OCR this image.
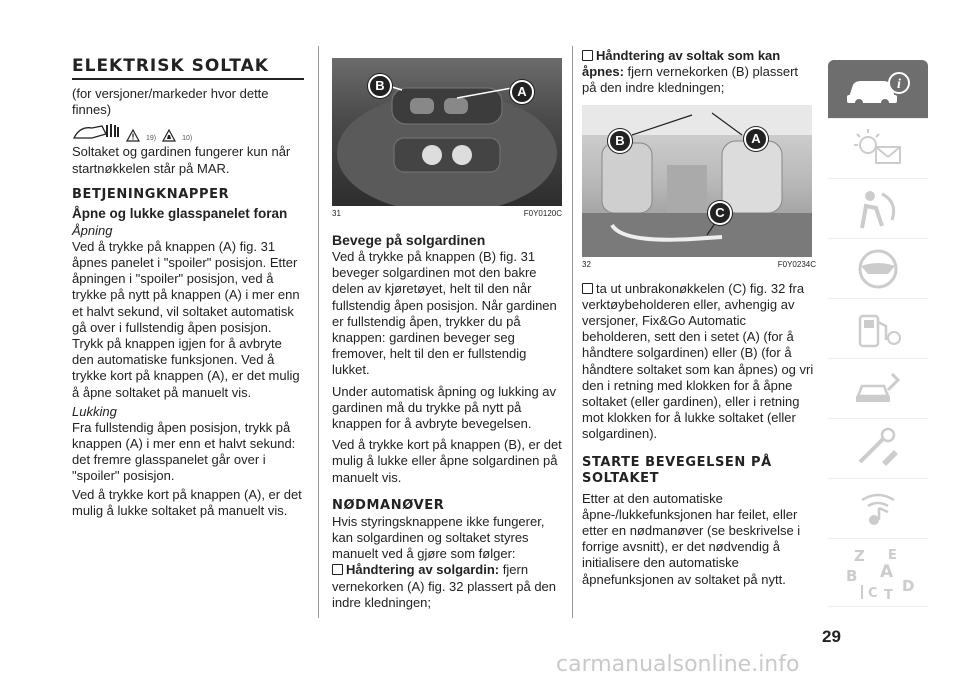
ELEKTRISK SOLTAK

(for versjoner/markeder hvor dette finnes)

19)	10)

Soltaket og gardinen fungerer kun når startnøkkelen står på MAR.

BETJENINGKNAPPER
Åpne og lukke glasspanelet foran

Åpning

Ved å trykke på knappen (A) fig. 31 åpnes panelet i "spoiler" posisjon. Etter åpningen i "spoiler" posisjon, ved å trykke på nytt på knappen (A) i mer enn et halvt sekund, vil soltaket automatisk gå over i fullstendig åpen posisjon. Trykk på knappen igjen for å avbryte den automatiske funksjonen. Ved å trykke kort på knappen (A), er det mulig å åpne soltaket på manuelt vis.

Lukking

Fra fullstendig åpen posisjon, trykk på knappen (A) i mer enn et halvt sekund: det fremre glasspanelet går over i "spoiler" posisjon.

Ved å trykke kort på knappen (A), er det mulig å lukke soltaket på manuelt vis.

B	A
31	F0Y0120C
Bevege på solgardinen

Ved å trykke på knappen (B) fig. 31 beveger solgardinen mot den bakre delen av kjøretøyet, helt til den når fullstendig åpen posisjon. Når gardinen er fullstendig åpen, trykker du på knappen: gardinen beveger seg fremover, helt til den er fullstendig lukket.

Under automatisk åpning og lukking av gardinen må du trykke på nytt på knappen for å avbryte bevegelsen.

Ved å trykke kort på knappen (B), er det mulig å lukke eller åpne solgardinen på manuelt vis.

NØDMANØVER

Hvis styringsknappene ikke fungerer, kan solgardinen og soltaket styres manuelt ved å gjøre som følger:

Håndtering av solgardin: fjern vernekorken (A) fig. 32 plassert på den indre kledningen;

Håndtering av soltak som kan åpnes: fjern vernekorken (B) plassert på den indre kledningen;

B	A
C
32	F0Y0234C

ta ut unbrakonøkkelen (C) fig. 32 fra verktøybeholderen eller, avhengig av versjoner, Fix&Go Automatic beholderen, sett den i setet (A) (for å håndtere solgardinen) eller (B) (for å håndtere soltaket som kan åpnes) og vri den i retning med klokken for å åpne soltaket (eller gardinen), eller i retning mot klokken for å lukke soltaket (eller solgardinen).

STARTE BEVEGELSEN PÅ SOLTAKET

Etter at den automatiske åpne-/lukkefunksjonen har feilet, eller etter en nødmanøver (se beskrivelse i forrige avsnitt), er det nødvendig å initialisere den automatiske åpnefunksjonen av soltaket på nytt.

i
Z E
B A
C T
D
29
carmanualsonline.info
